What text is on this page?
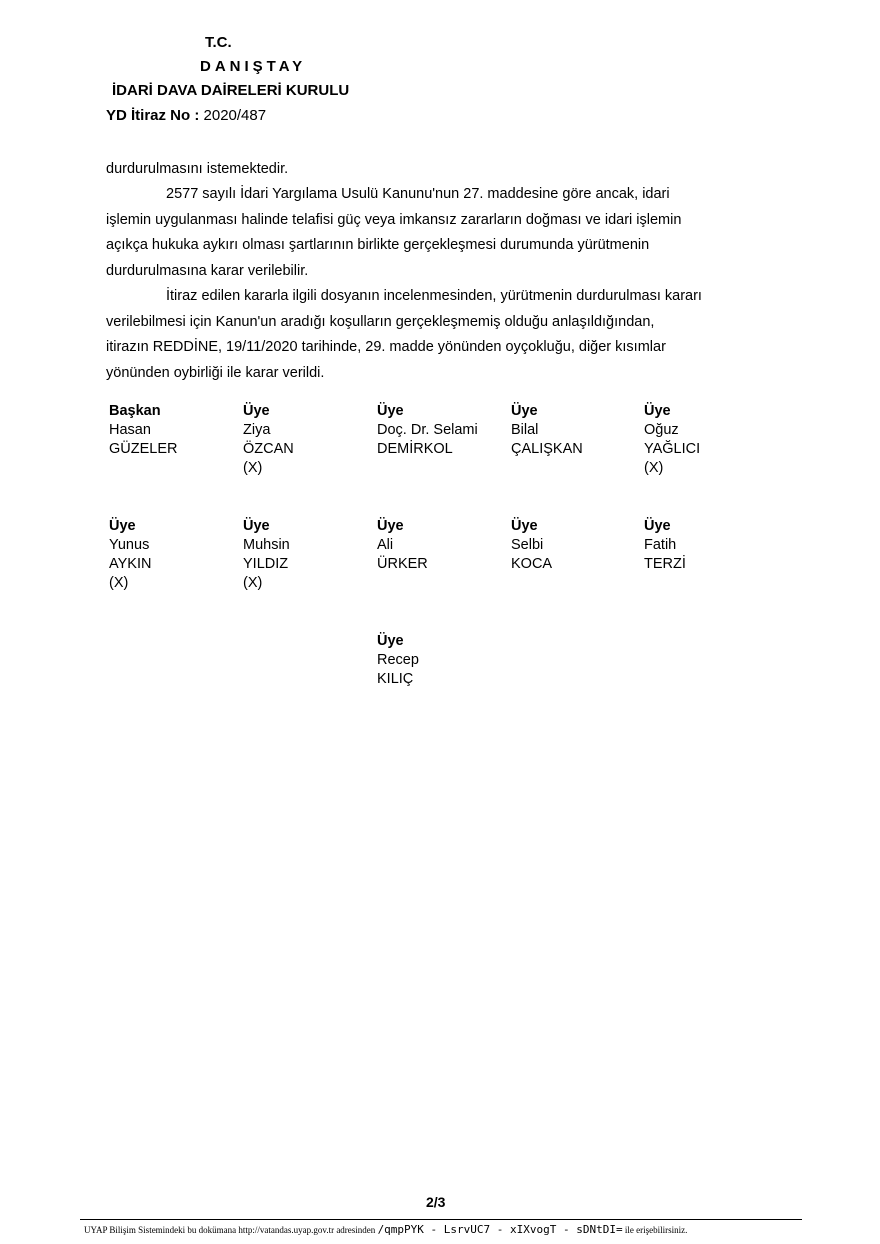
T.C.
DANIŞTAY
İDARİ DAVA DAİRELERİ KURULU
YD İtiraz No : 2020/487
durdurulmasını istemektedir.
2577 sayılı İdari Yargılama Usulü Kanunu'nun 27. maddesine göre ancak, idari
işlemin uygulanması halinde telafisi güç veya imkansız zararların doğması ve idari işlemin
açıkça hukuka aykırı olması şartlarının birlikte gerçekleşmesi durumunda yürütmenin
durdurulmasına karar verilebilir.
İtiraz edilen kararla ilgili dosyanın incelenmesinden, yürütmenin durdurulması kararı
verilebilmesi için Kanun'un aradığı koşulların gerçekleşmemiş olduğu anlaşıldığından,
itirazın REDDİNE, 19/11/2020 tarihinde, 29. madde yönünden oyçokluğu, diğer kısımlar
yönünden oybirliği ile karar verildi.
Başkan
Hasan
GÜZELER
Üye
Ziya
ÖZCAN
(X)
Üye
Doç. Dr. Selami
DEMİRKOL
Üye
Bilal
ÇALIŞKAN
Üye
Oğuz
YAĞLICI
(X)
Üye
Yunus
AYKIN
(X)
Üye
Muhsin
YILDIZ
(X)
Üye
Ali
ÜRKER
Üye
Selbi
KOCA
Üye
Fatih
TERZİ
Üye
Recep
KILIÇ
2/3
UYAP Bilişim Sistemindeki bu dokümana http://vatandas.uyap.gov.tr adresinden /qmpPYK - LsrvUC7 - xIXvogT - sDNtDI= ile erişebilirsiniz.
